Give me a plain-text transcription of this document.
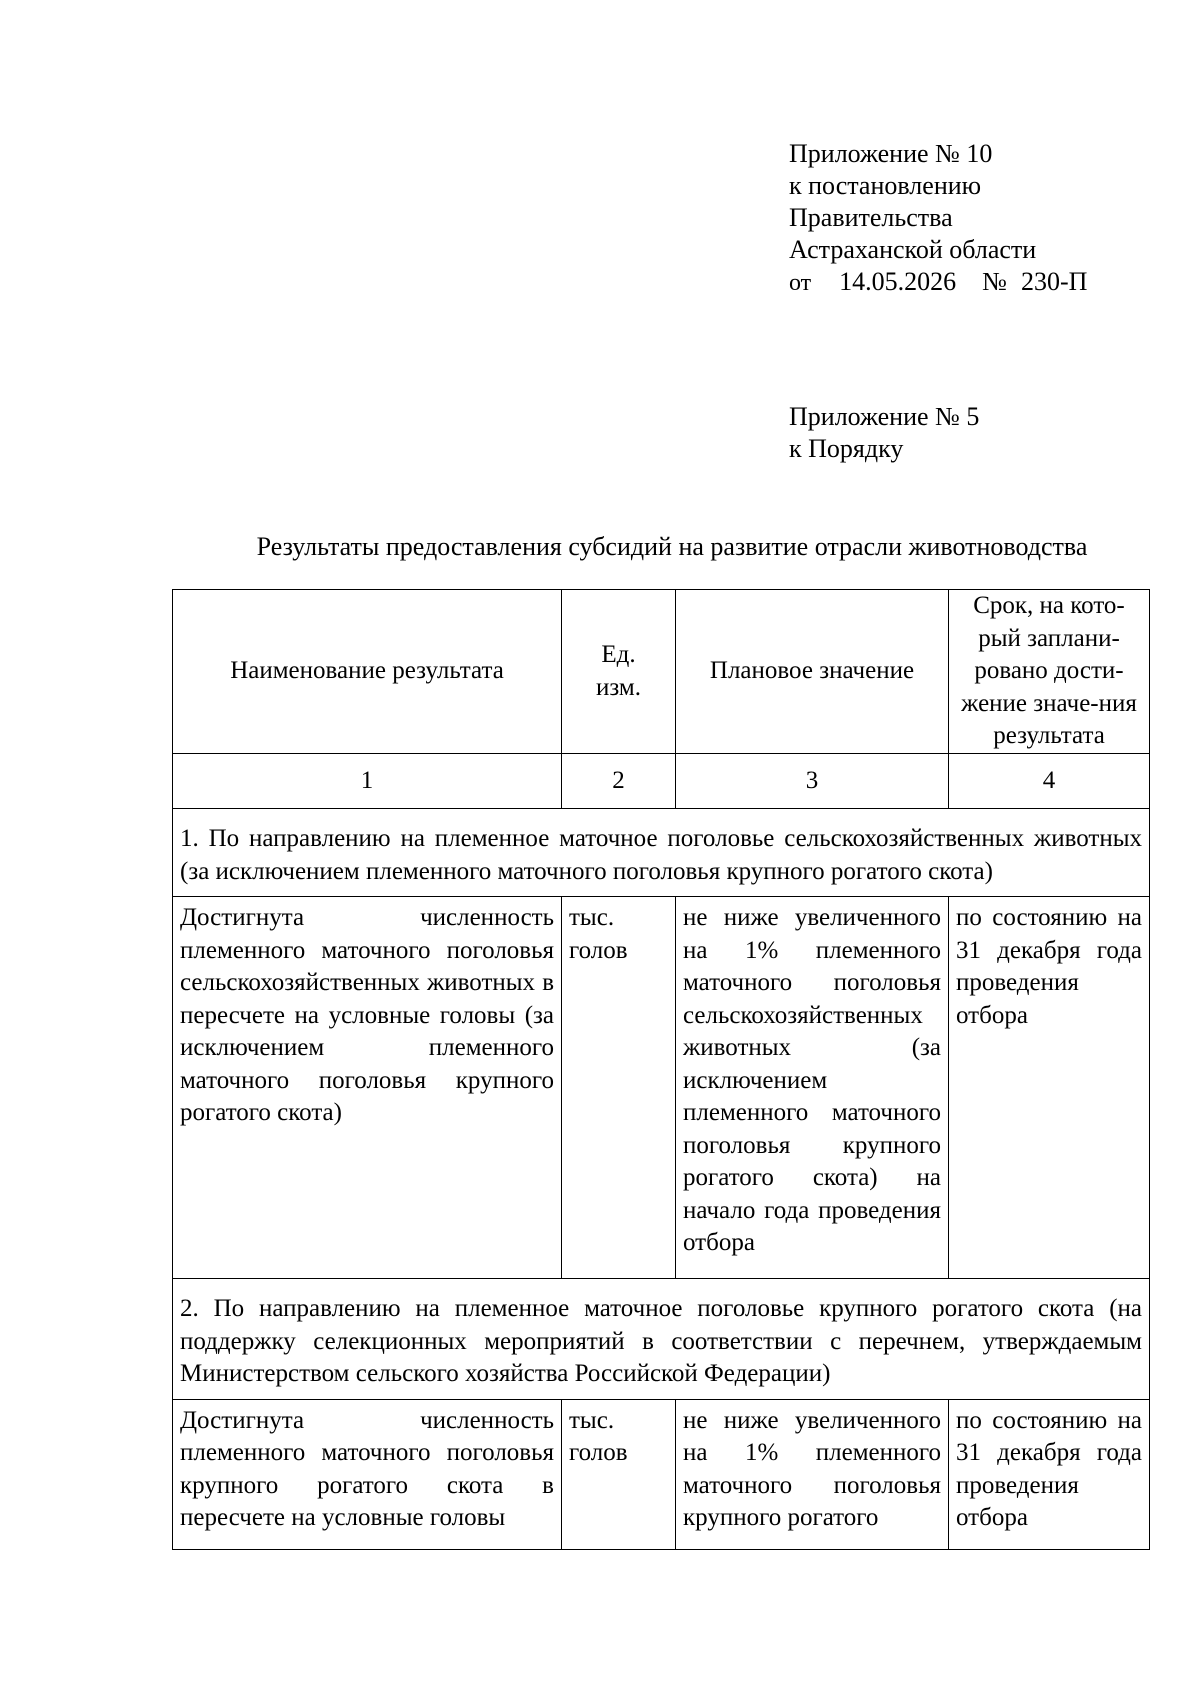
Приложение № 10
к постановлению
Правительства
Астраханской области
от 14.05.2026 № 230-П
Приложение № 5
к Порядку
Результаты предоставления субсидий на развитие отрасли животноводства
Наименование результата	Ед. изм.	Плановое значение	Срок, на кото-рый заплани-ровано дости-жение значе-ния результата

1	2	3	4
1. По направлению на племенное маточное поголовье сельскохозяйственных животных (за исключением племенного маточного поголовья крупного рогатого скота)			
Достигнута численность племенного маточного поголовья сельскохозяйственных животных в пересчете на условные головы (за исключением племенного маточного поголовья крупного рогатого скота)	тыс. голов	не ниже увеличенного на 1% племенного маточного поголовья сельскохозяйственных животных (за исключением племенного маточного поголовья крупного рогатого скота) на начало года проведения отбора	по состоянию на 31 декабря года проведения отбора
2. По направлению на племенное маточное поголовье крупного рогатого скота (на поддержку селекционных мероприятий в соответствии с перечнем, утверждаемым Министерством сельского хозяйства Российской Федерации)			
Достигнута численность племенного маточного поголовья крупного рогатого скота в пересчете на условные головы	тыс. голов	не ниже увеличенного на 1% племенного маточного поголовья крупного рогатого	по состоянию на 31 декабря года проведения отбора
